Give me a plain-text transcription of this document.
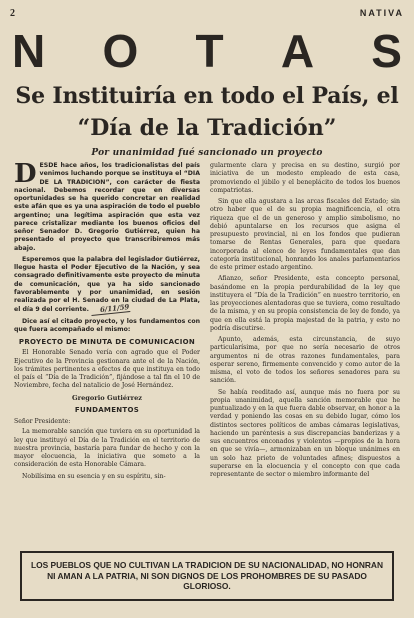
2	NATIVA
N O T A S
Se Instituiría en todo el País, el
“Día de la Tradición”
Por unanimidad fué sancionado un proyecto

DESDE hace años, los tradicionalistas del país venimos luchando porque se instituya el “DIA DE LA TRADICION”, con carácter de fiesta nacional. Debemos recordar que en diversas oportunidades se ha querido concretar en realidad este afán que es ya una aspiración de todo el pueblo argentino; una legítima aspiración que esta vez parece cristalizar mediante los buenos oficios del señor Senador D. Gregorio Gutiérrez, quien ha presentado el proyecto que transcribiremos más abajo.

Esperemos que la palabra del legislador Gutiérrez, llegue hasta el Poder Ejecutivo de la Nación, y sea consagrado definitivamente este proyecto de minuta de comunicación, que ya ha sido sancionado favorablemente y por unanimidad, en sesión realizada por el H. Senado en la ciudad de La Plata, el día 9 del corriente. 6/11/59

Dice así el citado proyecto, y los fundamentos con que fuera acompañado el mismo:

PROYECTO DE MINUTA DE COMUNICACION

El Honorable Senado vería con agrado que el Poder Ejecutivo de la Provincia gestionara ante el de la Nación, los trámites pertinentes a efectos de que instituya en todo el país el “Día de la Tradición”, fijándose a tal fin el 10 de Noviembre, fecha del natalicio de José Hernández.

Gregorio Gutiérrez
FUNDAMENTOS

Señor Presidente:

La memorable sanción que tuviera en su oportunidad la ley que instituyó el Día de la Tradición en el territorio de nuestra provincia, bastaría para fundar de hecho y con la mayor elocuencia, la iniciativa que someto a la consideración de esta Honorable Cámara.

Nobilísima en su esencia y en su espíritu, sin-

gularmente clara y precisa en su destino, surgió por iniciativa de un modesto empleado de esta casa, promoviendo el júbilo y el beneplácito de todos los buenos compatriotas.

Sin que ella agustara a las arcas fiscales del Estado; sin otro haber que el de su propia magnificencia, el otra riqueza que el de un generoso y amplio simbolismo, no debió apuntalarse en los recursos que asigna el presupuesto provincial, ni en los fondos que pudieran tomarse de Rentas Generales, para que quedara incorporada al elenco de leyes fundamentales que dan categoría institucional, honrando los anales parlamentarios de este primer estado argentino.

Afianzo, señor Presidente, esta concepto personal, basándome en la propia perdurabilidad de la ley que instituyera el “Día de la Tradición” en nuestro territorio, en las proyecciones alentadoras que se tuviera, como resultado de la misma, y en su propia consistencia de ley de fondo, ya que en ella está la propia majestad de la patria, y esto no podría discutirse.

Apunto, además, esta circunstancia, de suyo particularísima, por que no sería necesario de otros argumentos ni de otras razones fundamentales, para esperar sereno, firmemente convencido y como autor de la misma, el voto de todos los señores senadores para su sanción.

Se había reeditado así, aunque más no fuera por su propia unanimidad, aquella sanción memorable que he puntualizado y en la que fuera dable observar, en honor a la verdad y poniendo las cosas en su debido lugar, cómo los distintos sectores políticos de ambas cámaras legislativas, haciendo un paréntesis a sus discrepancias banderizas y a sus encuentros enconados y violentos —propios de la hora en que se vivía—, armonizaban en un bloque unánimes en un solo haz prieto de voluntades afines; dispuestos a superarse en la elocuencia y el concepto con que cada representante de sector o miembro informante del

LOS PUEBLOS QUE NO CULTIVAN LA TRADICION DE SU NACIONALIDAD, NO HONRAN NI AMAN A LA PATRIA, NI SON DIGNOS DE LOS PROHOMBRES DE SU PASADO GLORIOSO.
